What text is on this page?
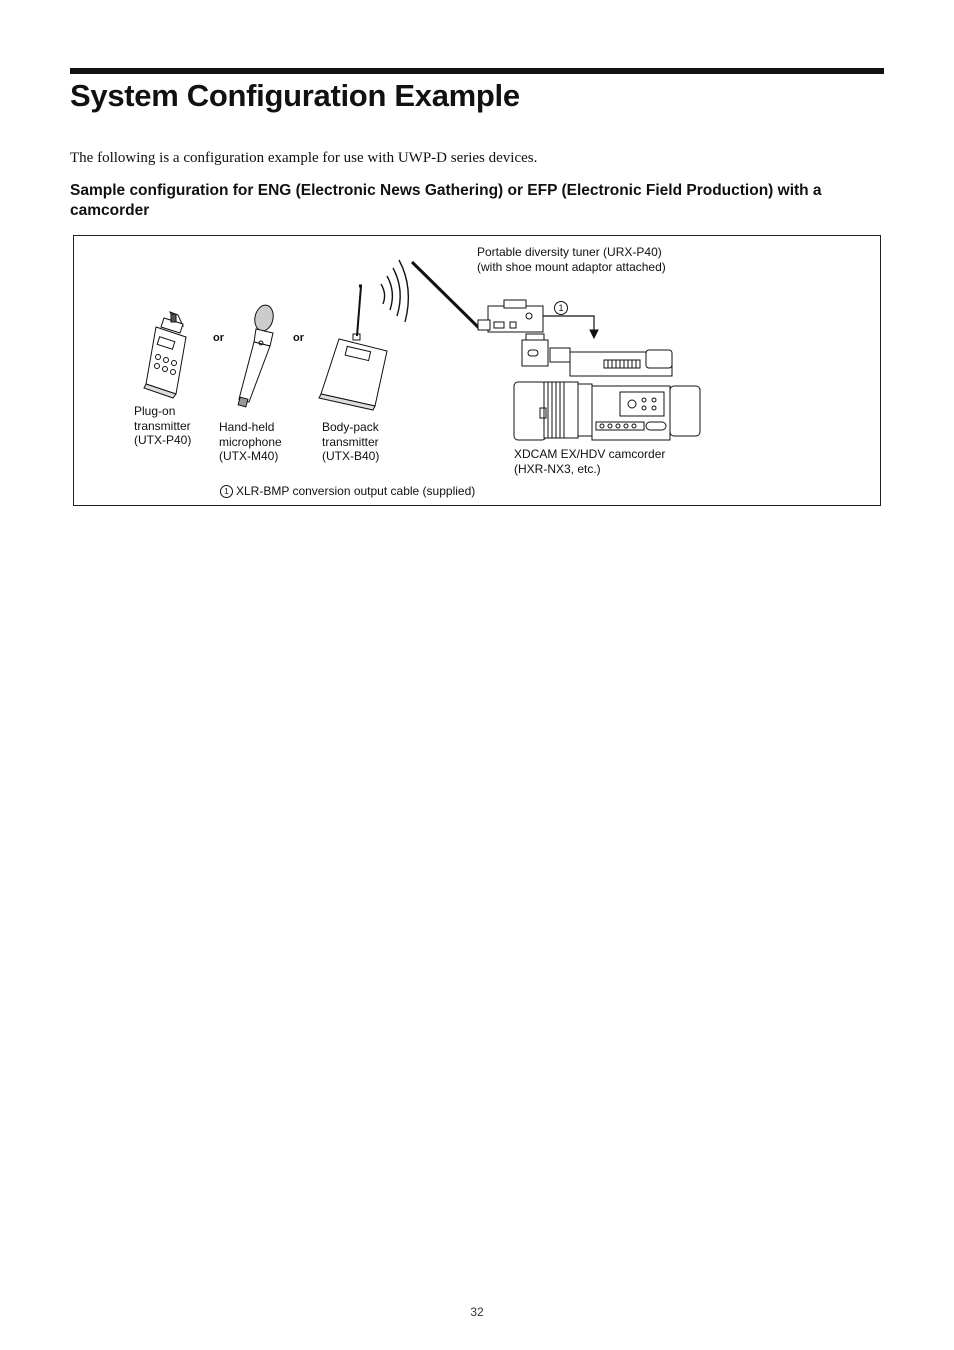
System Configuration Example

The following is a configuration example for use with UWP-D series devices.

Sample configuration for ENG (Electronic News Gathering) or EFP (Electronic Field Production) with a camcorder
Plug-on
transmitter
(UTX-P40)
Hand-held
microphone
(UTX-M40)
Body-pack
transmitter
(UTX-B40)
Portable diversity tuner (URX-P40)
(with shoe mount adaptor attached)
XDCAM EX/HDV camcorder
(HXR-NX3, etc.)
or	or
1
1 XLR-BMP conversion output cable (supplied)
32
